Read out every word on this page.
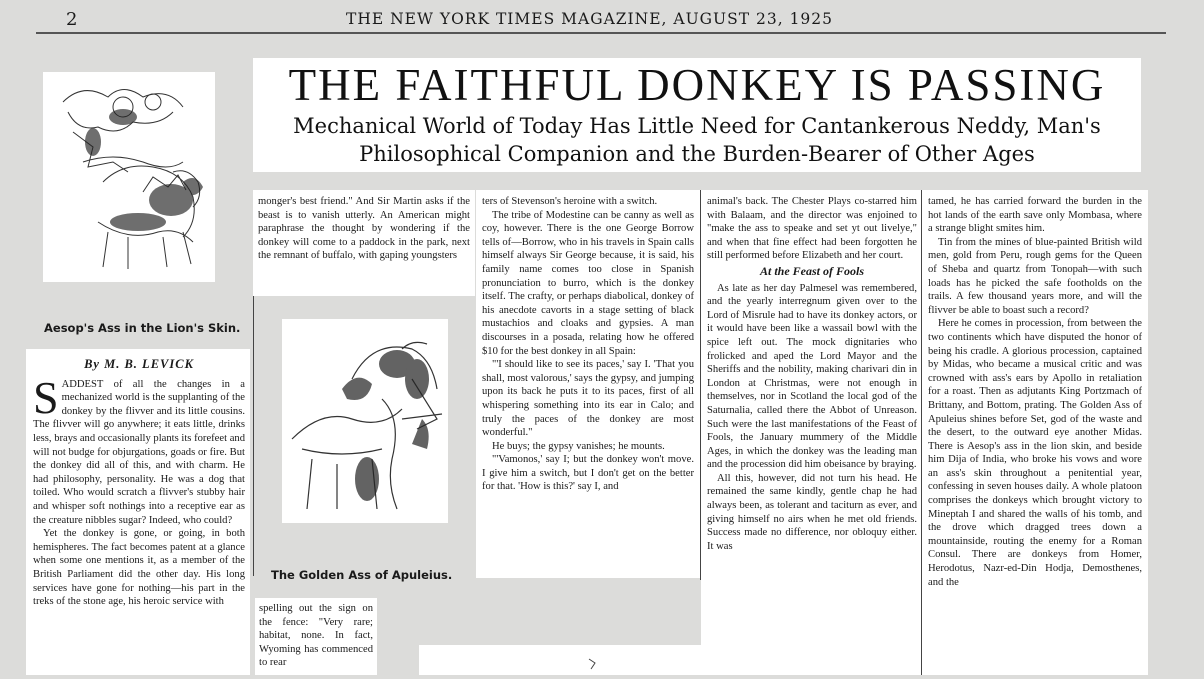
2	THE NEW YORK TIMES MAGAZINE, AUGUST 23, 1925
THE FAITHFUL DONKEY IS PASSING
Mechanical World of Today Has Little Need for Cantankerous Neddy, Man's Philosophical Companion and the Burden-Bearer of Other Ages
Aesop's Ass in the Lion's Skin.
By M. B. LEVICK

SADDEST of all the changes in a mechanized world is the supplanting of the donkey by the flivver and its little cousins. The flivver will go anywhere; it eats little, drinks less, brays and occasionally plants its forefeet and will not budge for objurgations, goads or fire. But the donkey did all of this, and with charm. He had philosophy, personality. He was a dog that toiled. Who would scratch a flivver's stubby hair and whisper soft nothings into a receptive ear as the creature nibbles sugar? Indeed, who could?

Yet the donkey is gone, or going, in both hemispheres. The fact becomes patent at a glance when some one mentions it, as a member of the British Parliament did the other day. His long services have gone for nothing—his part in the treks of the stone age, his heroic service with

monger's best friend." And Sir Martin asks if the beast is to vanish utterly. An American might paraphrase the thought by wondering if the donkey will come to a paddock in the park, next the remnant of buffalo, with gaping youngsters

The Golden Ass of Apuleius.

spelling out the sign on the fence: "Very rare; habitat, none. In fact, Wyoming has commenced to rear

ters of Stevenson's heroine with a switch.

The tribe of Modestine can be canny as well as coy, however. There is the one George Borrow tells of—Borrow, who in his travels in Spain calls himself always Sir George because, it is said, his family name comes too close in Spanish pronunciation to burro, which is the donkey itself. The crafty, or perhaps diabolical, donkey of his anecdote cavorts in a stage setting of black mustachios and cloaks and gypsies. A man discourses in a posada, relating how he offered $10 for the best donkey in all Spain:

"'I should like to see its paces,' say I. 'That you shall, most valorous,' says the gypsy, and jumping upon its back he puts it to its paces, first of all whispering something into its ear in Calo; and truly the paces of the donkey are most wonderful."

He buys; the gypsy vanishes; he mounts.

"'Vamonos,' say I; but the donkey won't move. I give him a switch, but I don't get on the better for that. 'How is this?' say I, and

animal's back. The Chester Plays co-starred him with Balaam, and the director was enjoined to "make the ass to speake and set yt out livelye," and when that fine effect had been forgotten he still performed before Elizabeth and her court.

At the Feast of Fools

As late as her day Palmesel was remembered, and the yearly interregnum given over to the Lord of Misrule had to have its donkey actors, or it would have been like a wassail bowl with the spice left out. The mock dignitaries who frolicked and aped the Lord Mayor and the Sheriffs and the nobility, making charivari din in London at Christmas, were not enough in themselves, nor in Scotland the local god of the Saturnalia, called there the Abbot of Unreason. Such were the last manifestations of the Feast of Fools, the January mummery of the Middle Ages, in which the donkey was the leading man and the procession did him obeisance by braying.

All this, however, did not turn his head. He remained the same kindly, gentle chap he had always been, as tolerant and taciturn as ever, and giving himself no airs when he met old friends. Success made no difference, nor obloquy either. It was

tamed, he has carried forward the burden in the hot lands of the earth save only Mombasa, where a strange blight smites him.

Tin from the mines of blue-painted British wild men, gold from Peru, rough gems for the Queen of Sheba and quartz from Tonopah—with such loads has he picked the safe footholds on the trails. A few thousand years more, and will the flivver be able to boast such a record?

Here he comes in procession, from between the two continents which have disputed the honor of being his cradle. A glorious procession, captained by Midas, who became a musical critic and was crowned with ass's ears by Apollo in retaliation for a roast. Then as adjutants King Portzmach of Brittany, and Bottom, prating. The Golden Ass of Apuleius shines before Set, god of the waste and the desert, to the outward eye another Midas. There is Aesop's ass in the lion skin, and beside him Dija of India, who broke his vows and wore an ass's skin throughout a penitential year, confessing in seven houses daily. A whole platoon comprises the donkeys which brought victory to Mineptah I and shared the walls of his tomb, and the drove which dragged trees down a mountainside, routing the enemy for a Roman Consul. There are donkeys from Homer, Herodotus, Nazr-ed-Din Hodja, Demosthenes, and the
